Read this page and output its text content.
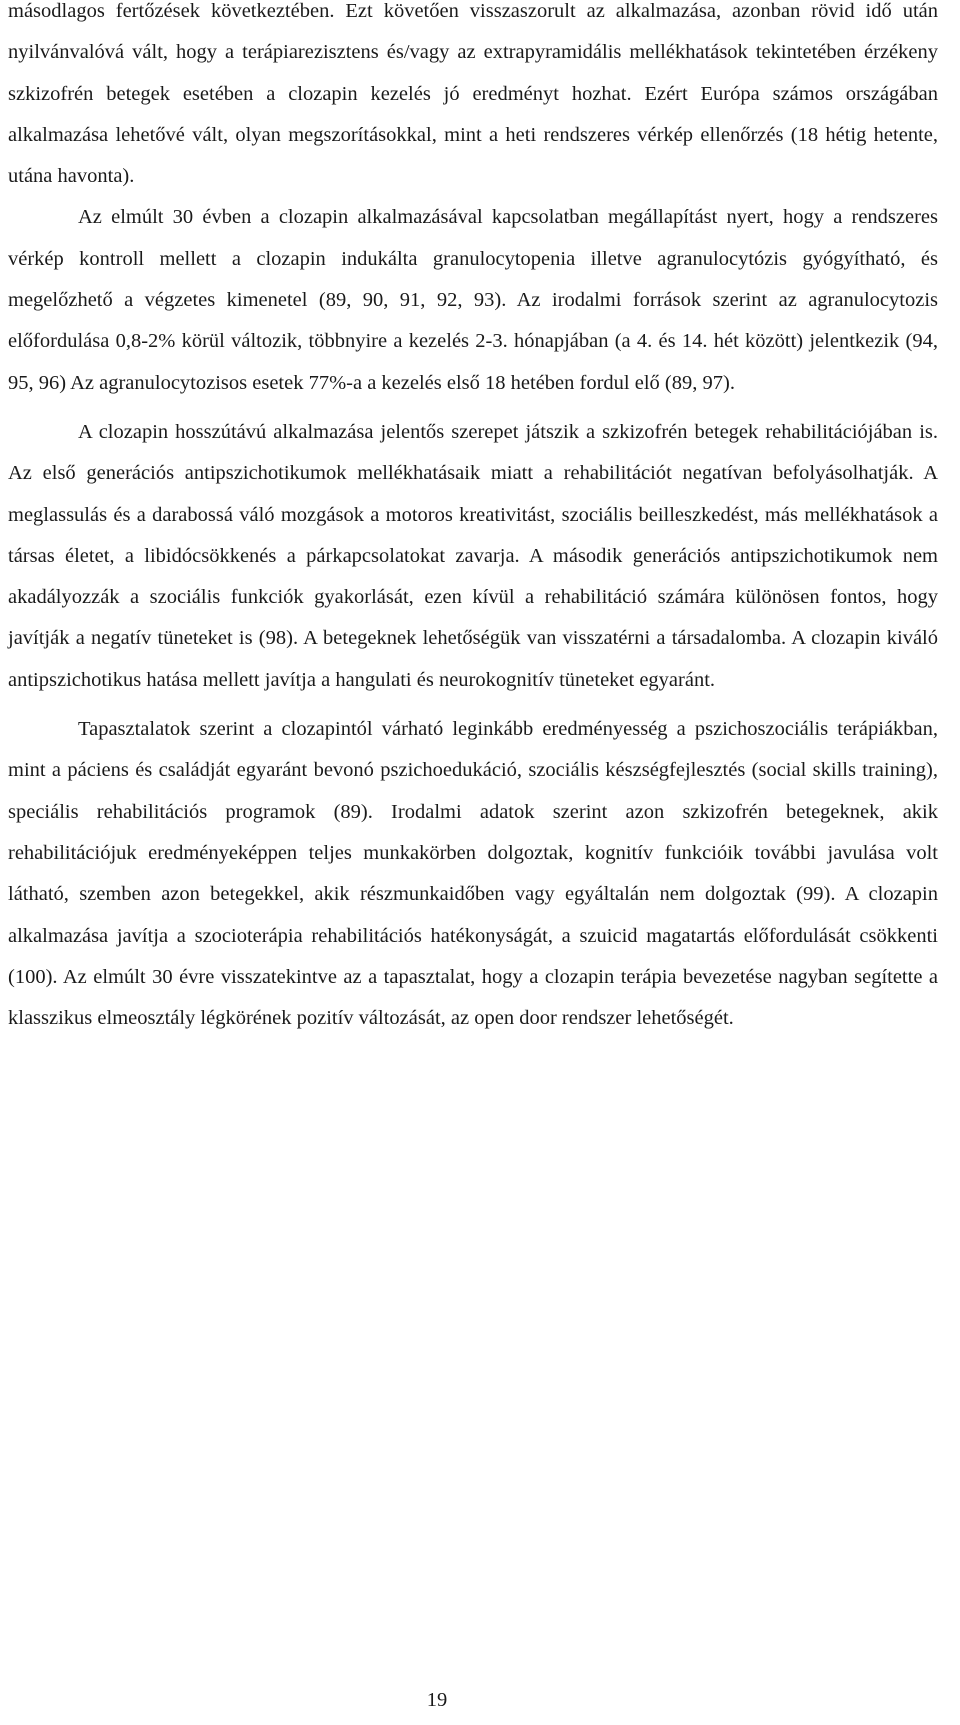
másodlagos fertőzések következtében. Ezt követően visszaszorult az alkalmazása, azonban rövid idő után nyilvánvalóvá vált, hogy a terápiarezisztens és/vagy az extrapyramidális mellékhatások tekintetében érzékeny szkizofrén betegek esetében a clozapin kezelés jó eredményt hozhat. Ezért Európa számos országában alkalmazása lehetővé vált, olyan megszorításokkal, mint a heti rendszeres vérkép ellenőrzés (18 hétig hetente, utána havonta).

Az elmúlt 30 évben a clozapin alkalmazásával kapcsolatban megállapítást nyert, hogy a rendszeres vérkép kontroll mellett a clozapin indukálta granulocytopenia illetve agranulocytózis gyógyítható, és megelőzhető a végzetes kimenetel (89, 90, 91, 92, 93). Az irodalmi források szerint az agranulocytozis előfordulása 0,8-2% körül változik, többnyire a kezelés 2-3. hónapjában (a 4. és 14. hét között) jelentkezik (94, 95, 96) Az agranulocytozisos esetek 77%-a a kezelés első 18 hetében fordul elő (89, 97).

A clozapin hosszútávú alkalmazása jelentős szerepet játszik a szkizofrén betegek rehabilitációjában is. Az első generációs antipszichotikumok mellékhatásaik miatt a rehabilitációt negatívan befolyásolhatják. A meglassulás és a darabossá váló mozgások a motoros kreativitást, szociális beilleszkedést, más mellékhatások a társas életet, a libidócsökkenés a párkapcsolatokat zavarja. A második generációs antipszichotikumok nem akadályozzák a szociális funkciók gyakorlását, ezen kívül a rehabilitáció számára különösen fontos, hogy javítják a negatív tüneteket is (98). A betegeknek lehetőségük van visszatérni a társadalomba. A clozapin kiváló antipszichotikus hatása mellett javítja a hangulati és neurokognitív tüneteket egyaránt.

Tapasztalatok szerint a clozapintól várható leginkább eredményesség a pszichoszociális terápiákban, mint a páciens és családját egyaránt bevonó pszichoedukáció, szociális készségfejlesztés (social skills training), speciális rehabilitációs programok (89). Irodalmi adatok szerint azon szkizofrén betegeknek, akik rehabilitációjuk eredményeképpen teljes munkakörben dolgoztak, kognitív funkcióik további javulása volt látható, szemben azon betegekkel, akik részmunkaidőben vagy egyáltalán nem dolgoztak (99). A clozapin alkalmazása javítja a szocioterápia rehabilitációs hatékonyságát, a szuicid magatartás előfordulását csökkenti (100). Az elmúlt 30 évre visszatekintve az a tapasztalat, hogy a clozapin terápia bevezetése nagyban segítette a klasszikus elmeosztály légkörének pozitív változását, az open door rendszer lehetőségét.

19
